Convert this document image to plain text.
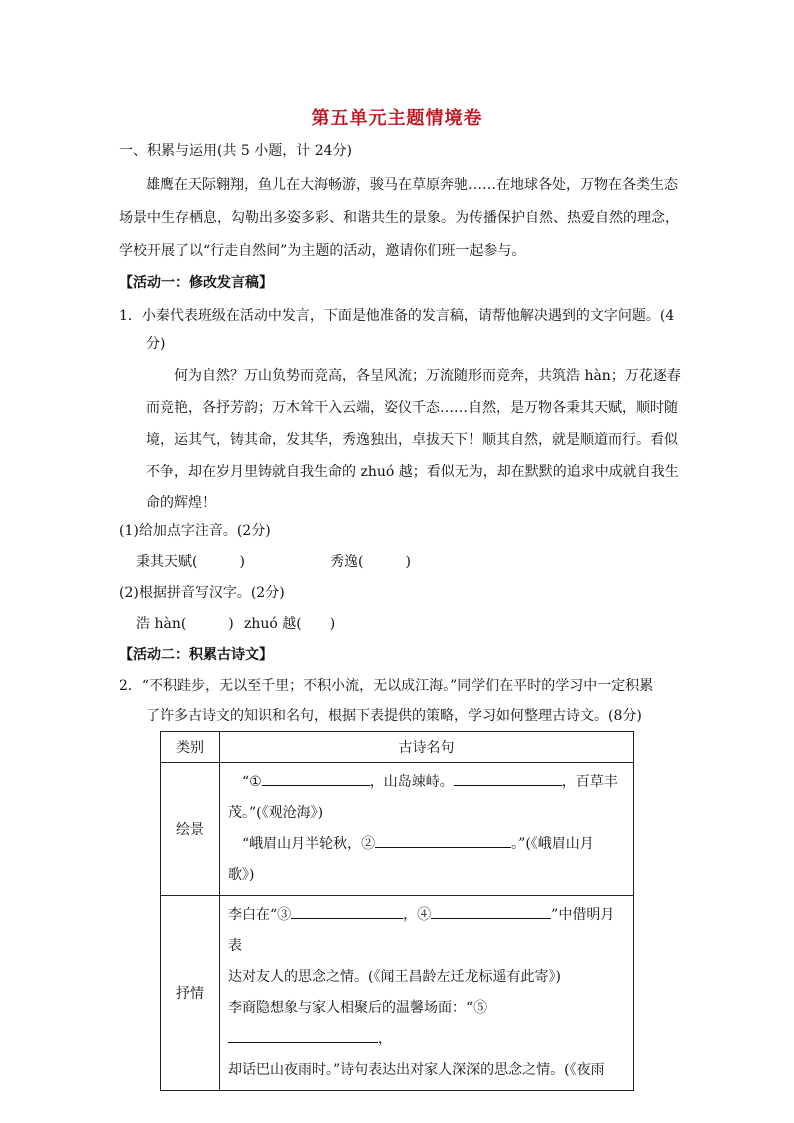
第五单元主题情境卷
一、积累与运用(共 5 小题，计 24分)
雄鹰在天际翱翔，鱼儿在大海畅游，骏马在草原奔驰……在地球各处，万物在各类生态
场景中生存栖息，勾勒出多姿多彩、和谐共生的景象。为传播保护自然、热爱自然的理念，
学校开展了以“行走自然间”为主题的活动，邀请你们班一起参与。
【活动一：修改发言稿】
1．小秦代表班级在活动中发言，下面是他准备的发言稿，请帮他解决遇到的文字问题。(4
分)
何为自然？万山负势而竞高，各呈风流；万流随形而竞奔，共筑浩 hàn；万花逐春
而竞艳，各抒芳韵；万木耸干入云端，姿仪千态……自然，是万物各秉其天赋，顺时随
境，运其气，铸其命，发其华，秀逸独出，卓拔天下！顺其自然，就是顺道而行。看似
不争，却在岁月里铸就自我生命的 zhuó 越；看似无为，却在默默的追求中成就自我生
命的辉煌！
(1)给加点字注音。(2分)
秉其天赋(　　　)	秀逸(　　　)
(2)根据拼音写汉字。(2分)
浩 hàn(　　　) zhuó 越(　　)
【活动二：积累古诗文】
2．“不积跬步，无以至千里；不积小流，无以成江海。”同学们在平时的学习中一定积累
了许多古诗文的知识和名句，根据下表提供的策略，学习如何整理古诗文。(8分)
类别	古诗名句
绘景	“① ，山岛竦峙。 ，百草丰
茂。”(《观沧海》)
“峨眉山月半轮秋，② 。”(《峨眉山月
歌》)

抒情	李白在“③ ，④ ”中借明月表
达对友人的思念之情。(《闻王昌龄左迁龙标遥有此寄》)
李商隐想象与家人相聚后的温馨场面：“⑤，
却话巴山夜雨时。”诗句表达出对家人深深的思念之情。(《夜雨
